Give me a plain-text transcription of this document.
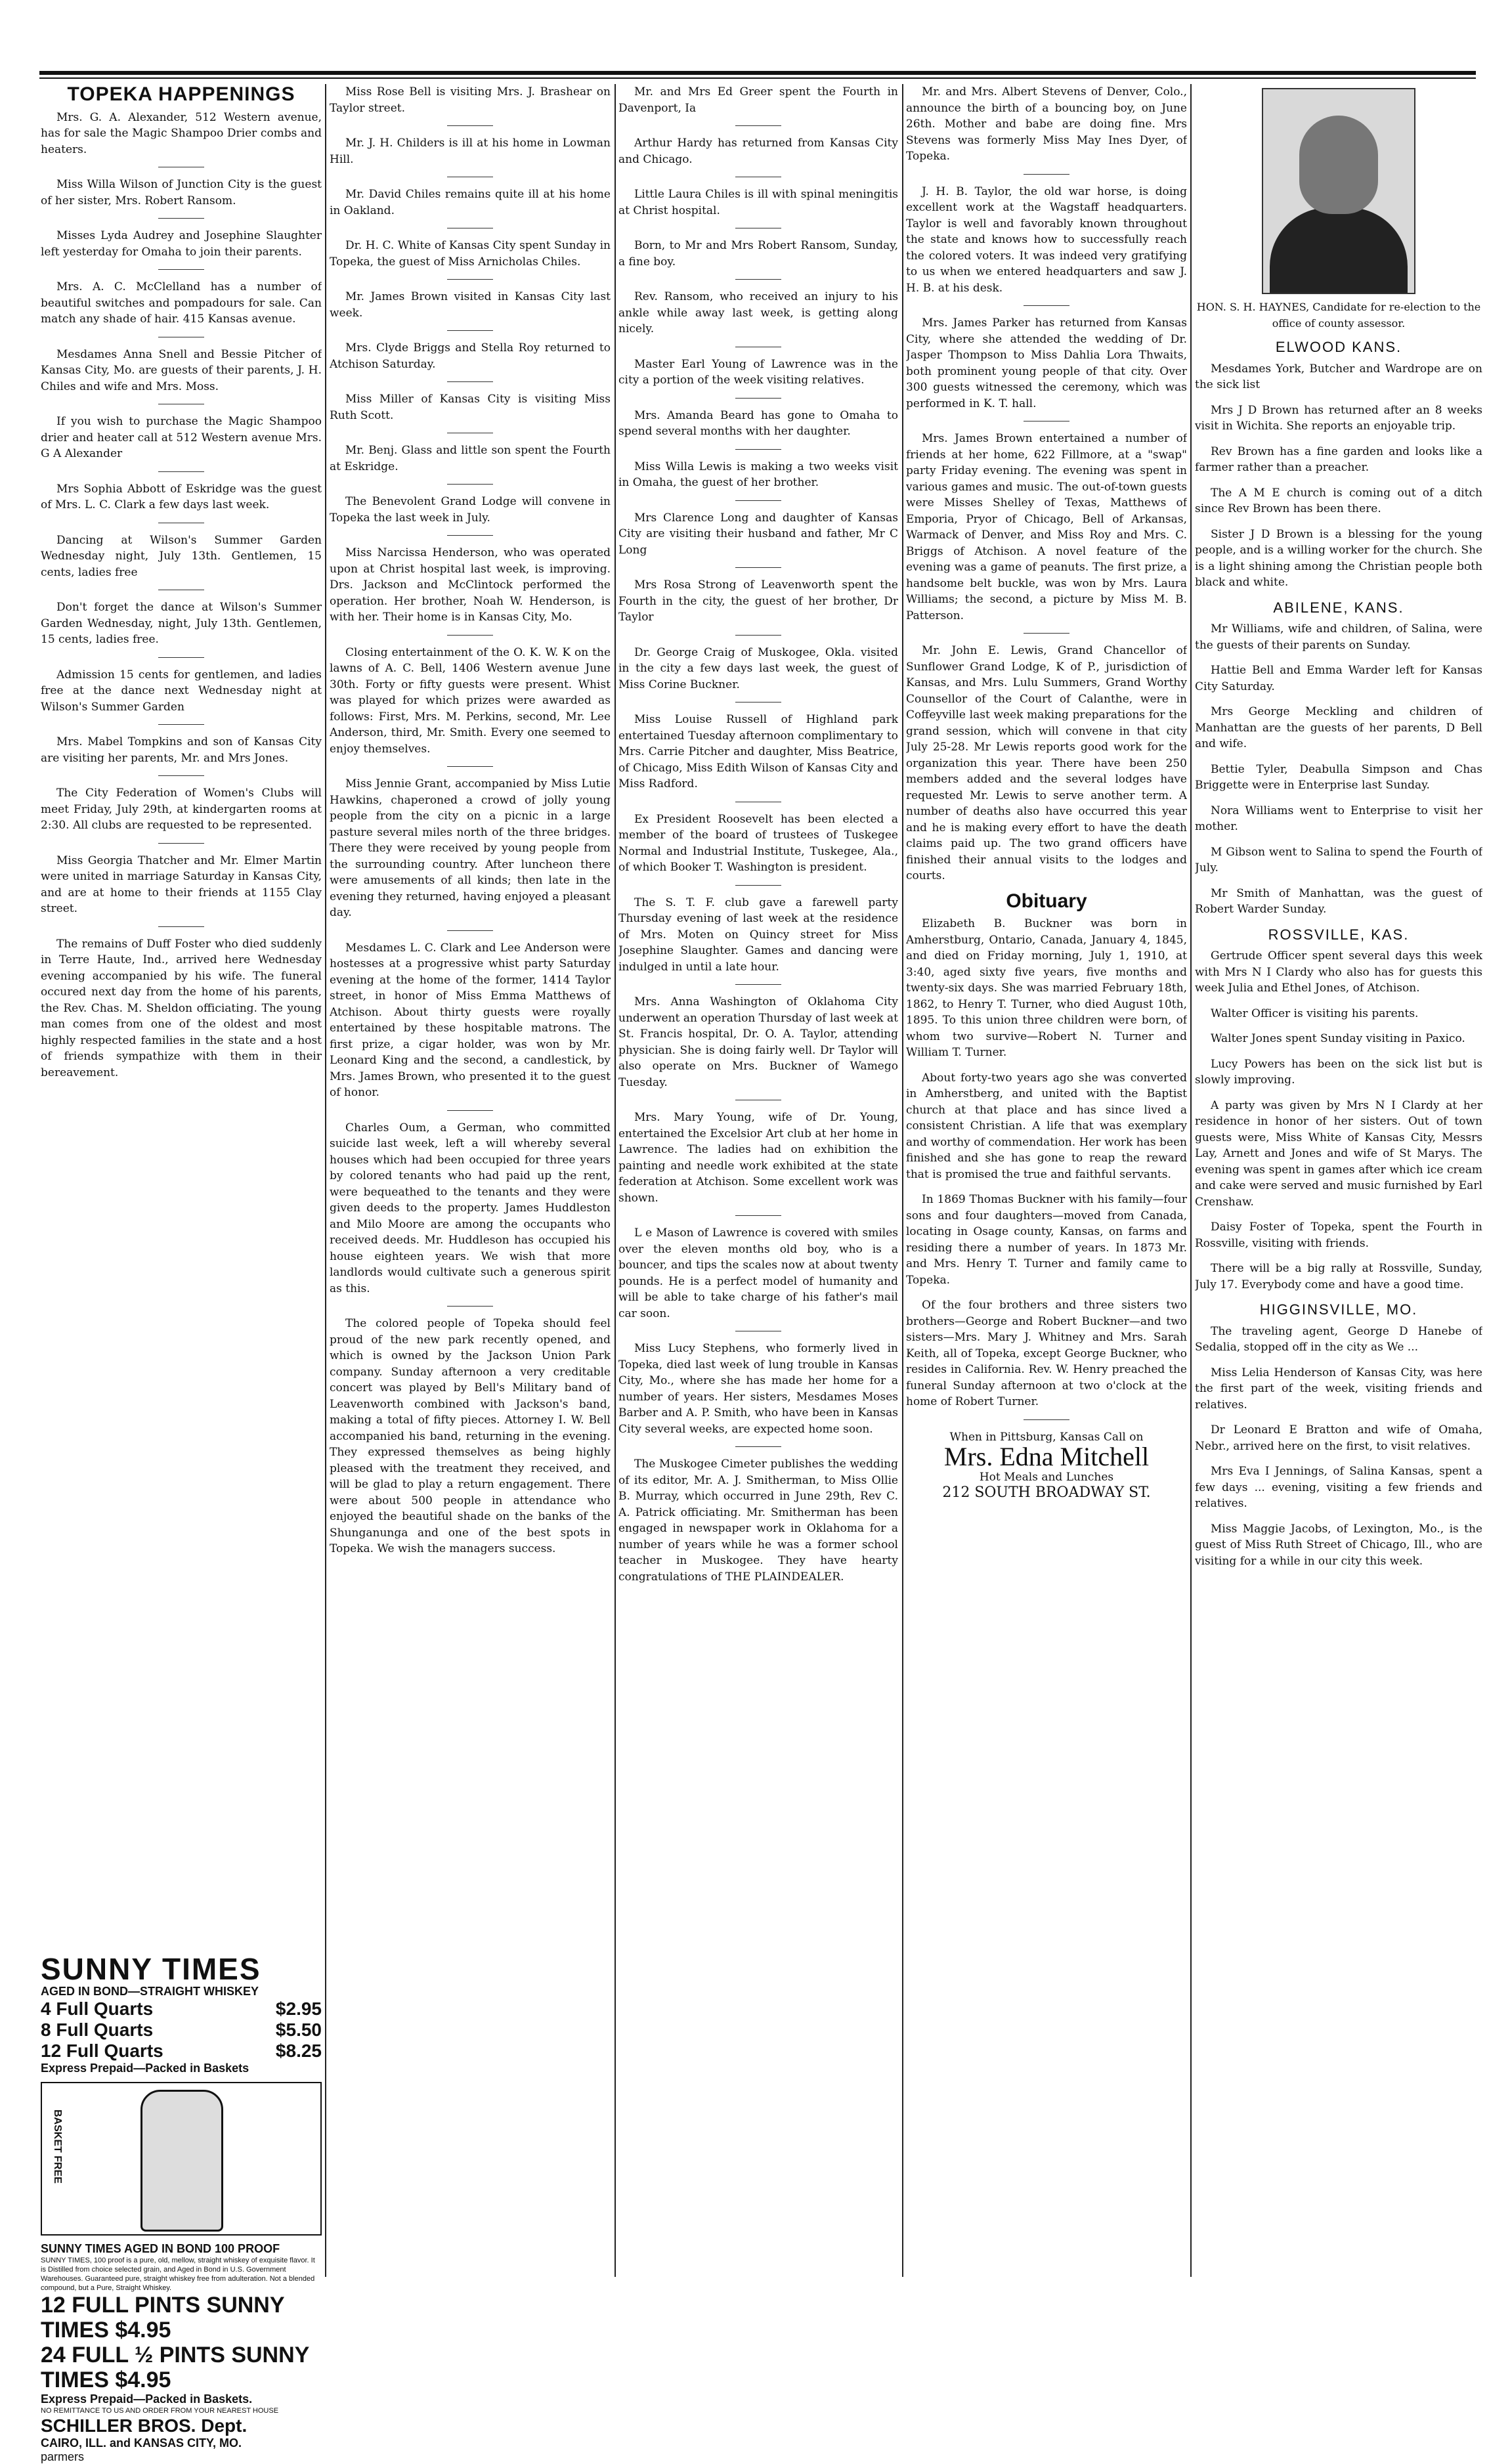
TOPEKA HAPPENINGS

Mrs. G. A. Alexander, 512 Western avenue, has for sale the Magic Shampoo Drier combs and heaters.

Miss Willa Wilson of Junction City is the guest of her sister, Mrs. Robert Ransom.

Misses Lyda Audrey and Josephine Slaughter left yesterday for Omaha to join their parents.

Mrs. A. C. McClelland has a number of beautiful switches and pompadours for sale. Can match any shade of hair. 415 Kansas avenue.

Mesdames Anna Snell and Bessie Pitcher of Kansas City, Mo. are guests of their parents, J. H. Chiles and wife and Mrs. Moss.

If you wish to purchase the Magic Shampoo drier and heater call at 512 Western avenue Mrs. G A Alexander

Mrs Sophia Abbott of Eskridge was the guest of Mrs. L. C. Clark a few days last week.

Dancing at Wilson's Summer Garden Wednesday night, July 13th. Gentlemen, 15 cents, ladies free

Don't forget the dance at Wilson's Summer Garden Wednesday, night, July 13th. Gentlemen, 15 cents, ladies free.

Admission 15 cents for gentlemen, and ladies free at the dance next Wednesday night at Wilson's Summer Garden

Mrs. Mabel Tompkins and son of Kansas City are visiting her parents, Mr. and Mrs Jones.

The City Federation of Women's Clubs will meet Friday, July 29th, at kindergarten rooms at 2:30. All clubs are requested to be represented.

Miss Georgia Thatcher and Mr. Elmer Martin were united in marriage Saturday in Kansas City, and are at home to their friends at 1155 Clay street.

The remains of Duff Foster who died suddenly in Terre Haute, Ind., arrived here Wednesday evening accompanied by his wife. The funeral occured next day from the home of his parents, the Rev. Chas. M. Sheldon officiating. The young man comes from one of the oldest and most highly respected families in the state and a host of friends sympathize with them in their bereavement.

SUNNY TIMES
AGED IN BOND—STRAIGHT WHISKEY
4 Full Quarts	$2.95
8 Full Quarts	$5.50
12 Full Quarts	$8.25
Express Prepaid—Packed in Baskets
BASKET FREE
SUNNY TIMES AGED IN BOND 100 PROOF
SUNNY TIMES, 100 proof is a pure, old, mellow, straight whiskey of exquisite flavor. It is Distilled from choice selected grain, and Aged in Bond in U.S. Government Warehouses. Guaranteed pure, straight whiskey free from adulteration. Not a blended compound, but a Pure, Straight Whiskey.
12 FULL PINTS SUNNY TIMES $4.95
24 FULL ½ PINTS SUNNY TIMES $4.95
Express Prepaid—Packed in Baskets.
NO REMITTANCE TO US AND ORDER FROM YOUR NEAREST HOUSE
SCHILLER BROS. Dept.
CAIRO, ILL. and KANSAS CITY, MO.
parmers

Miss Rose Bell is visiting Mrs. J. Brashear on Taylor street.

Mr. J. H. Childers is ill at his home in Lowman Hill.

Mr. David Chiles remains quite ill at his home in Oakland.

Dr. H. C. White of Kansas City spent Sunday in Topeka, the guest of Miss Arnicholas Chiles.

Mr. James Brown visited in Kansas City last week.

Mrs. Clyde Briggs and Stella Roy returned to Atchison Saturday.

Miss Miller of Kansas City is visiting Miss Ruth Scott.

Mr. Benj. Glass and little son spent the Fourth at Eskridge.

The Benevolent Grand Lodge will convene in Topeka the last week in July.

Miss Narcissa Henderson, who was operated upon at Christ hospital last week, is improving. Drs. Jackson and McClintock performed the operation. Her brother, Noah W. Henderson, is with her. Their home is in Kansas City, Mo.

Closing entertainment of the O. K. W. K on the lawns of A. C. Bell, 1406 Western avenue June 30th. Forty or fifty guests were present. Whist was played for which prizes were awarded as follows: First, Mrs. M. Perkins, second, Mr. Lee Anderson, third, Mr. Smith. Every one seemed to enjoy themselves.

Miss Jennie Grant, accompanied by Miss Lutie Hawkins, chaperoned a crowd of jolly young people from the city on a picnic in a large pasture several miles north of the three bridges. There they were received by young people from the surrounding country. After luncheon there were amusements of all kinds; then late in the evening they returned, having enjoyed a pleasant day.

Mesdames L. C. Clark and Lee Anderson were hostesses at a progressive whist party Saturday evening at the home of the former, 1414 Taylor street, in honor of Miss Emma Matthews of Atchison. About thirty guests were royally entertained by these hospitable matrons. The first prize, a cigar holder, was won by Mr. Leonard King and the second, a candlestick, by Mrs. James Brown, who presented it to the guest of honor.

Charles Oum, a German, who committed suicide last week, left a will whereby several houses which had been occupied for three years by colored tenants who had paid up the rent, were bequeathed to the tenants and they were given deeds to the property. James Huddleston and Milo Moore are among the occupants who received deeds. Mr. Huddleson has occupied his house eighteen years. We wish that more landlords would cultivate such a generous spirit as this.

The colored people of Topeka should feel proud of the new park recently opened, and which is owned by the Jackson Union Park company. Sunday afternoon a very creditable concert was played by Bell's Military band of Leavenworth combined with Jackson's band, making a total of fifty pieces. Attorney I. W. Bell accompanied his band, returning in the evening. They expressed themselves as being highly pleased with the treatment they received, and will be glad to play a return engagement. There were about 500 people in attendance who enjoyed the beautiful shade on the banks of the Shunganunga and one of the best spots in Topeka. We wish the managers success.

Mr. and Mrs Ed Greer spent the Fourth in Davenport, Ia

Arthur Hardy has returned from Kansas City and Chicago.

Little Laura Chiles is ill with spinal meningitis at Christ hospital.

Born, to Mr and Mrs Robert Ransom, Sunday, a fine boy.

Rev. Ransom, who received an injury to his ankle while away last week, is getting along nicely.

Master Earl Young of Lawrence was in the city a portion of the week visiting relatives.

Mrs. Amanda Beard has gone to Omaha to spend several months with her daughter.

Miss Willa Lewis is making a two weeks visit in Omaha, the guest of her brother.

Mrs Clarence Long and daughter of Kansas City are visiting their husband and father, Mr C Long

Mrs Rosa Strong of Leavenworth spent the Fourth in the city, the guest of her brother, Dr Taylor

Dr. George Craig of Muskogee, Okla. visited in the city a few days last week, the guest of Miss Corine Buckner.

Miss Louise Russell of Highland park entertained Tuesday afternoon complimentary to Mrs. Carrie Pitcher and daughter, Miss Beatrice, of Chicago, Miss Edith Wilson of Kansas City and Miss Radford.

Ex President Roosevelt has been elected a member of the board of trustees of Tuskegee Normal and Industrial Institute, Tuskegee, Ala., of which Booker T. Washington is president.

The S. T. F. club gave a farewell party Thursday evening of last week at the residence of Mrs. Moten on Quincy street for Miss Josephine Slaughter. Games and dancing were indulged in until a late hour.

Mrs. Anna Washington of Oklahoma City underwent an operation Thursday of last week at St. Francis hospital, Dr. O. A. Taylor, attending physician. She is doing fairly well. Dr Taylor will also operate on Mrs. Buckner of Wamego Tuesday.

Mrs. Mary Young, wife of Dr. Young, entertained the Excelsior Art club at her home in Lawrence. The ladies had on exhibition the painting and needle work exhibited at the state federation at Atchison. Some excellent work was shown.

L e Mason of Lawrence is covered with smiles over the eleven months old boy, who is a bouncer, and tips the scales now at about twenty pounds. He is a perfect model of humanity and will be able to take charge of his father's mail car soon.

Miss Lucy Stephens, who formerly lived in Topeka, died last week of lung trouble in Kansas City, Mo., where she has made her home for a number of years. Her sisters, Mesdames Moses Barber and A. P. Smith, who have been in Kansas City several weeks, are expected home soon.

The Muskogee Cimeter publishes the wedding of its editor, Mr. A. J. Smitherman, to Miss Ollie B. Murray, which occurred in June 29th, Rev C. A. Patrick officiating. Mr. Smitherman has been engaged in newspaper work in Oklahoma for a number of years while he was a former school teacher in Muskogee. They have hearty congratulations of THE PLAINDEALER.

Mr. and Mrs. Albert Stevens of Denver, Colo., announce the birth of a bouncing boy, on June 26th. Mother and babe are doing fine. Mrs Stevens was formerly Miss May Ines Dyer, of Topeka.

J. H. B. Taylor, the old war horse, is doing excellent work at the Wagstaff headquarters. Taylor is well and favorably known throughout the state and knows how to successfully reach the colored voters. It was indeed very gratifying to us when we entered headquarters and saw J. H. B. at his desk.

Mrs. James Parker has returned from Kansas City, where she attended the wedding of Dr. Jasper Thompson to Miss Dahlia Lora Thwaits, both prominent young people of that city. Over 300 guests witnessed the ceremony, which was performed in K. T. hall.

Mrs. James Brown entertained a number of friends at her home, 622 Fillmore, at a "swap" party Friday evening. The evening was spent in various games and music. The out-of-town guests were Misses Shelley of Texas, Matthews of Emporia, Pryor of Chicago, Bell of Arkansas, Warmack of Denver, and Miss Roy and Mrs. C. Briggs of Atchison. A novel feature of the evening was a game of peanuts. The first prize, a handsome belt buckle, was won by Mrs. Laura Williams; the second, a picture by Miss M. B. Patterson.

Mr. John E. Lewis, Grand Chancellor of Sunflower Grand Lodge, K of P., jurisdiction of Kansas, and Mrs. Lulu Summers, Grand Worthy Counsellor of the Court of Calanthe, were in Coffeyville last week making preparations for the grand session, which will convene in that city July 25-28. Mr Lewis reports good work for the organization this year. There have been 250 members added and the several lodges have requested Mr. Lewis to serve another term. A number of deaths also have occurred this year and he is making every effort to have the death claims paid up. The two grand officers have finished their annual visits to the lodges and courts.

Obituary

Elizabeth B. Buckner was born in Amherstburg, Ontario, Canada, January 4, 1845, and died on Friday morning, July 1, 1910, at 3:40, aged sixty five years, five months and twenty-six days. She was married February 18th, 1862, to Henry T. Turner, who died August 10th, 1895. To this union three children were born, of whom two survive—Robert N. Turner and William T. Turner.

About forty-two years ago she was converted in Amherstberg, and united with the Baptist church at that place and has since lived a consistent Christian. A life that was exemplary and worthy of commendation. Her work has been finished and she has gone to reap the reward that is promised the true and faithful servants.

In 1869 Thomas Buckner with his family—four sons and four daughters—moved from Canada, locating in Osage county, Kansas, on farms and residing there a number of years. In 1873 Mr. and Mrs. Henry T. Turner and family came to Topeka.

Of the four brothers and three sisters two brothers—George and Robert Buckner—and two sisters—Mrs. Mary J. Whitney and Mrs. Sarah Keith, all of Topeka, except George Buckner, who resides in California. Rev. W. Henry preached the funeral Sunday afternoon at two o'clock at the home of Robert Turner.

When in Pittsburg, Kansas Call on
Mrs. Edna Mitchell
Hot Meals and Lunches
212 SOUTH BROADWAY ST.
HON. S. H. HAYNES, Candidate for re-election to the office of county assessor.
ELWOOD KANS.

Mesdames York, Butcher and Wardrope are on the sick list

Mrs J D Brown has returned after an 8 weeks visit in Wichita. She reports an enjoyable trip.

Rev Brown has a fine garden and looks like a farmer rather than a preacher.

The A M E church is coming out of a ditch since Rev Brown has been there.

Sister J D Brown is a blessing for the young people, and is a willing worker for the church. She is a light shining among the Christian people both black and white.

ABILENE, KANS.

Mr Williams, wife and children, of Salina, were the guests of their parents on Sunday.

Hattie Bell and Emma Warder left for Kansas City Saturday.

Mrs George Meckling and children of Manhattan are the guests of her parents, D Bell and wife.

Bettie Tyler, Deabulla Simpson and Chas Briggette were in Enterprise last Sunday.

Nora Williams went to Enterprise to visit her mother.

M Gibson went to Salina to spend the Fourth of July.

Mr Smith of Manhattan, was the guest of Robert Warder Sunday.

ROSSVILLE, KAS.

Gertrude Officer spent several days this week with Mrs N I Clardy who also has for guests this week Julia and Ethel Jones, of Atchison.

Walter Officer is visiting his parents.

Walter Jones spent Sunday visiting in Paxico.

Lucy Powers has been on the sick list but is slowly improving.

A party was given by Mrs N I Clardy at her residence in honor of her sisters. Out of town guests were, Miss White of Kansas City, Messrs Lay, Arnett and Jones and wife of St Marys. The evening was spent in games after which ice cream and cake were served and music furnished by Earl Crenshaw.

Daisy Foster of Topeka, spent the Fourth in Rossville, visiting with friends.

There will be a big rally at Rossville, Sunday, July 17. Everybody come and have a good time.

HIGGINSVILLE, MO.

The traveling agent, George D Hanebe of Sedalia, stopped off in the city as We ...

Miss Lelia Henderson of Kansas City, was here the first part of the week, visiting friends and relatives.

Dr Leonard E Bratton and wife of Omaha, Nebr., arrived here on the first, to visit relatives.

Mrs Eva I Jennings, of Salina Kansas, spent a few days ... evening, visiting a few friends and relatives.

Miss Maggie Jacobs, of Lexington, Mo., is the guest of Miss Ruth Street of Chicago, Ill., who are visiting for a while in our city this week.
